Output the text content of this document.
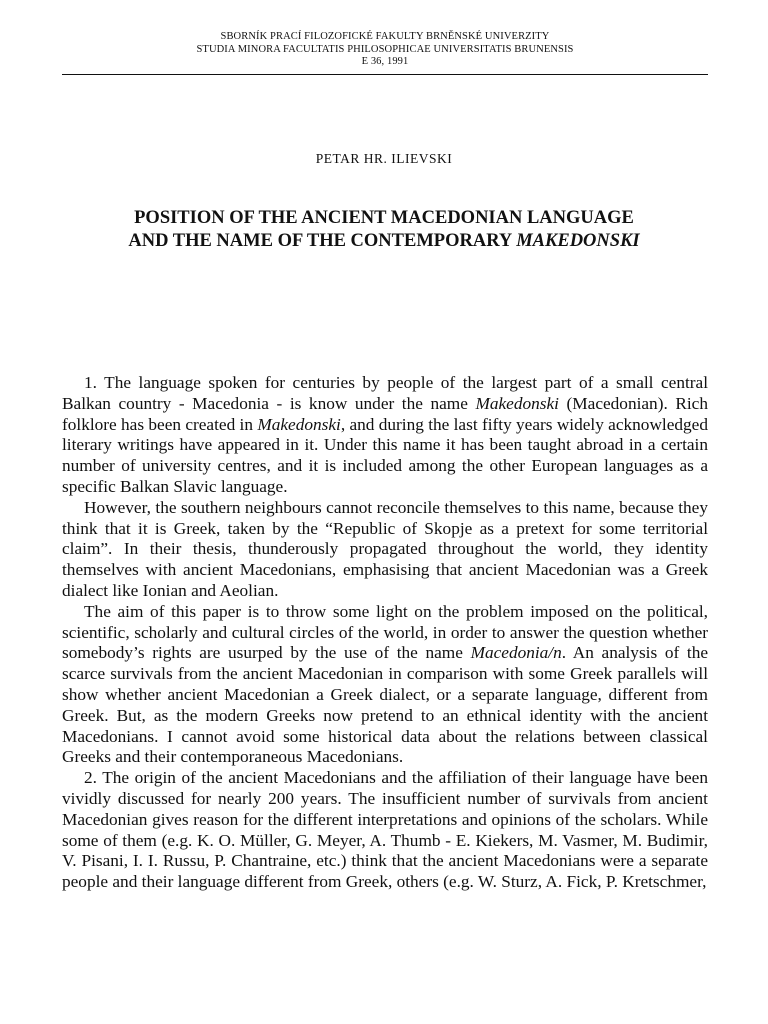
SBORNÍK PRACÍ FILOZOFICKÉ FAKULTY BRNĚNSKÉ UNIVERZITY
STUDIA MINORA FACULTATIS PHILOSOPHICAE UNIVERSITATIS BRUNENSIS
E 36, 1991
PETAR HR. ILIEVSKI
POSITION OF THE ANCIENT MACEDONIAN LANGUAGE
AND THE NAME OF THE CONTEMPORARY MAKEDONSKI

1. The language spoken for centuries by people of the largest part of a small central Balkan country - Macedonia - is know under the name Makedonski (Macedonian). Rich folklore has been created in Makedonski, and during the last fifty years widely acknowledged literary writings have appeared in it. Under this name it has been taught abroad in a certain number of university centres, and it is included among the other European languages as a specific Balkan Slavic language.

However, the southern neighbours cannot reconcile themselves to this name, because they think that it is Greek, taken by the “Republic of Skopje as a pretext for some territorial claim”. In their thesis, thunderously propagated throughout the world, they identity themselves with ancient Macedonians, emphasising that ancient Macedonian was a Greek dialect like Ionian and Aeolian.

The aim of this paper is to throw some light on the problem imposed on the political, scientific, scholarly and cultural circles of the world, in order to answer the question whether somebody’s rights are usurped by the use of the name Macedonia/n. An analysis of the scarce survivals from the ancient Macedonian in comparison with some Greek parallels will show whether ancient Macedonian a Greek dialect, or a separate language, different from Greek. But, as the modern Greeks now pretend to an ethnical identity with the ancient Macedonians. I cannot avoid some historical data about the relations between classical Greeks and their contemporaneous Macedonians.

2. The origin of the ancient Macedonians and the affiliation of their language have been vividly discussed for nearly 200 years. The insufficient number of survivals from ancient Macedonian gives reason for the different interpretations and opinions of the scholars. While some of them (e.g. K. O. Müller, G. Meyer, A. Thumb - E. Kiekers, M. Vasmer, M. Budimir, V. Pisani, I. I. Russu, P. Chantraine, etc.) think that the ancient Macedonians were a separate people and their language different from Greek, others (e.g. W. Sturz, A. Fick, P. Kretschmer,
